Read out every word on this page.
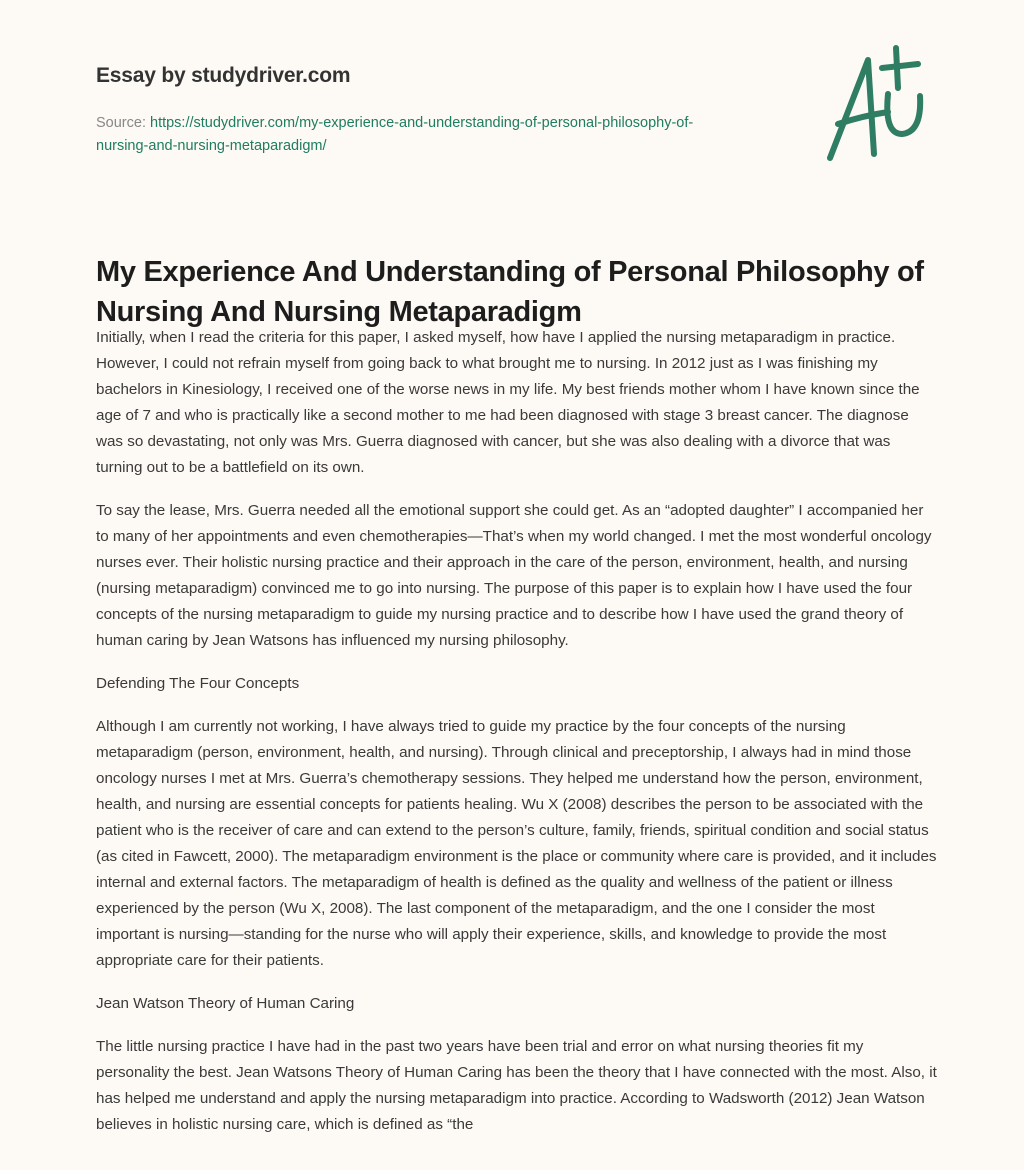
Essay by studydriver.com
Source: https://studydriver.com/my-experience-and-understanding-of-personal-philosophy-of-nursing-and-nursing-metaparadigm/
My Experience And Understanding of Personal Philosophy of Nursing And Nursing Metaparadigm

Initially, when I read the criteria for this paper, I asked myself, how have I applied the nursing metaparadigm in practice. However, I could not refrain myself from going back to what brought me to nursing. In 2012 just as I was finishing my bachelors in Kinesiology, I received one of the worse news in my life. My best friends mother whom I have known since the age of 7 and who is practically like a second mother to me had been diagnosed with stage 3 breast cancer. The diagnose was so devastating, not only was Mrs. Guerra diagnosed with cancer, but she was also dealing with a divorce that was turning out to be a battlefield on its own.

To say the lease, Mrs. Guerra needed all the emotional support she could get. As an “adopted daughter” I accompanied her to many of her appointments and even chemotherapies—That’s when my world changed. I met the most wonderful oncology nurses ever. Their holistic nursing practice and their approach in the care of the person, environment, health, and nursing (nursing metaparadigm) convinced me to go into nursing. The purpose of this paper is to explain how I have used the four concepts of the nursing metaparadigm to guide my nursing practice and to describe how I have used the grand theory of human caring by Jean Watsons has influenced my nursing philosophy.

Defending The Four Concepts

Although I am currently not working, I have always tried to guide my practice by the four concepts of the nursing metaparadigm (person, environment, health, and nursing). Through clinical and preceptorship, I always had in mind those oncology nurses I met at Mrs. Guerra’s chemotherapy sessions. They helped me understand how the person, environment, health, and nursing are essential concepts for patients healing. Wu X (2008) describes the person to be associated with the patient who is the receiver of care and can extend to the person’s culture, family, friends, spiritual condition and social status (as cited in Fawcett, 2000). The metaparadigm environment is the place or community where care is provided, and it includes internal and external factors. The metaparadigm of health is defined as the quality and wellness of the patient or illness experienced by the person (Wu X, 2008). The last component of the metaparadigm, and the one I consider the most important is nursing—standing for the nurse who will apply their experience, skills, and knowledge to provide the most appropriate care for their patients.

Jean Watson Theory of Human Caring

The little nursing practice I have had in the past two years have been trial and error on what nursing theories fit my personality the best. Jean Watsons Theory of Human Caring has been the theory that I have connected with the most. Also, it has helped me understand and apply the nursing metaparadigm into practice. According to Wadsworth (2012) Jean Watson believes in holistic nursing care, which is defined as “the
